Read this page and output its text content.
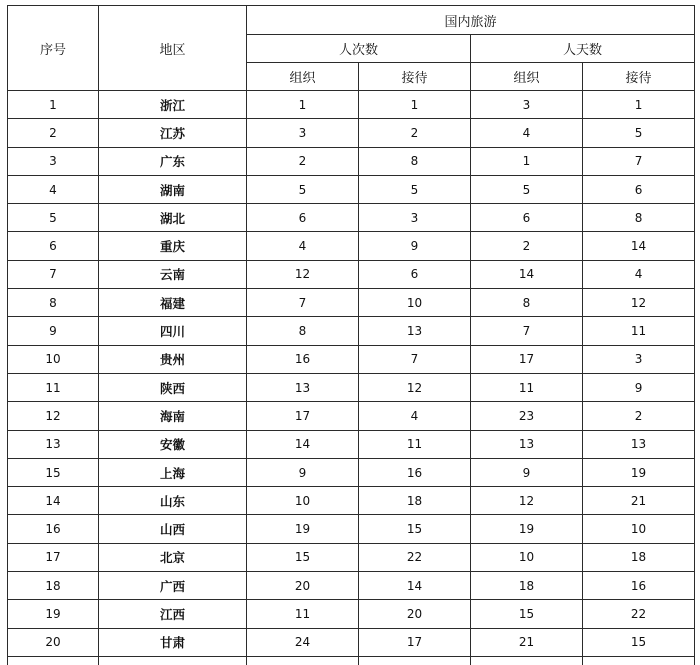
序号	地区	国内旅游			
		人次数		人天数	
		组织	接待	组织	接待
1	浙江	1	1	3	1
2	江苏	3	2	4	5
3	广东	2	8	1	7
4	湖南	5	5	5	6
5	湖北	6	3	6	8
6	重庆	4	9	2	14
7	云南	12	6	14	4
8	福建	7	10	8	12
9	四川	8	13	7	11
10	贵州	16	7	17	3
11	陕西	13	12	11	9
12	海南	17	4	23	2
13	安徽	14	11	13	13
15	上海	9	16	9	19
14	山东	10	18	12	21
16	山西	19	15	19	10
17	北京	15	22	10	18
18	广西	20	14	18	16
19	江西	11	20	15	22
20	甘肃	24	17	21	15
